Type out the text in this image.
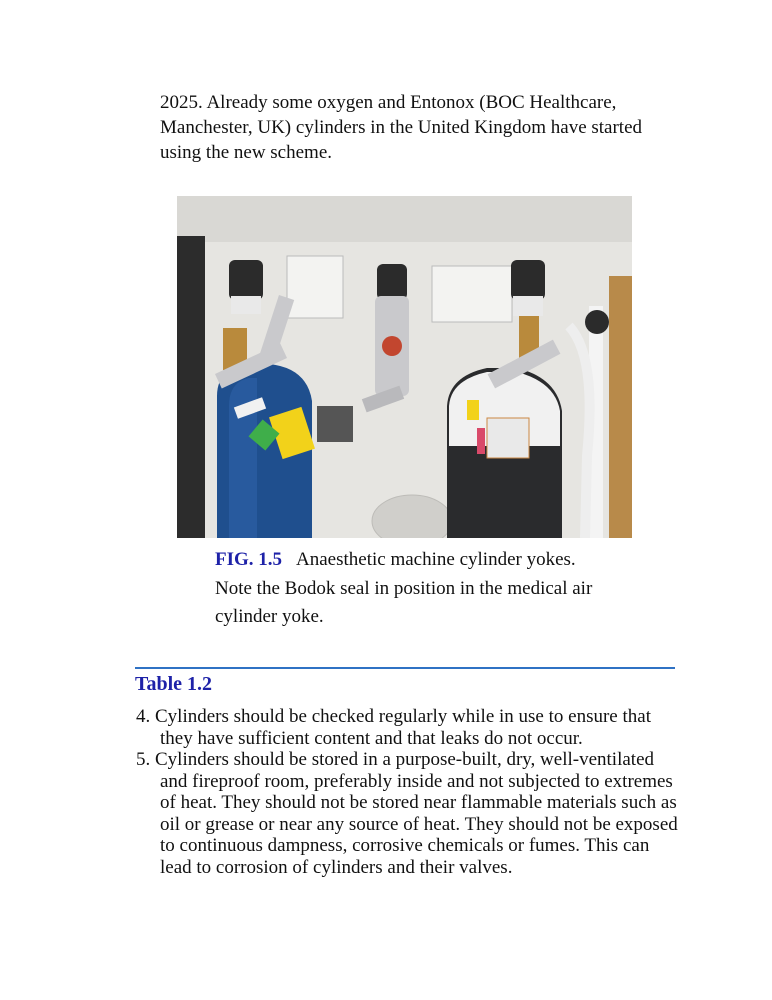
2025. Already some oxygen and Entonox (BOC Healthcare, Manchester, UK) cylinders in the United Kingdom have started using the new scheme.

FIG. 1.5 Anaesthetic machine cylinder yokes. Note the Bodok seal in position in the medical air cylinder yoke.

Table 1.2

4. Cylinders should be checked regularly while in use to ensure that they have sufficient content and that leaks do not occur.

5. Cylinders should be stored in a purpose-built, dry, well-ventilated and fireproof room, preferably inside and not subjected to extremes of heat. They should not be stored near flammable materials such as oil or grease or near any source of heat. They should not be exposed to continuous dampness, corrosive chemicals or fumes. This can lead to corrosion of cylinders and their valves.
